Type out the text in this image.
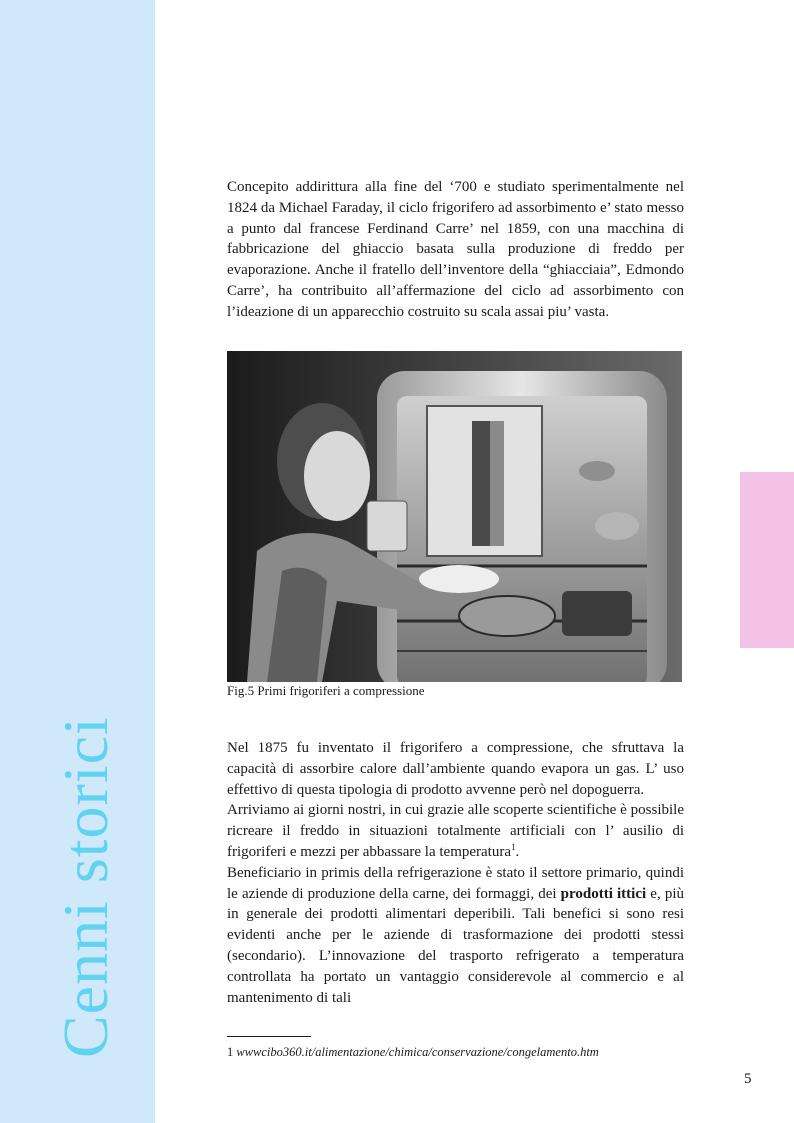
Cenni storici

Concepito addirittura alla fine del ‘700 e studiato sperimentalmente nel 1824 da Michael Faraday, il ciclo frigorifero ad assorbimento e’ stato messo a punto dal francese Ferdinand Carre’ nel 1859, con una macchina di fabbricazione del ghiaccio basata sulla produzione di freddo per evaporazione. Anche il fratello dell’inventore della “ghiacciaia”, Edmondo Carre’, ha contribuito all’affermazione del ciclo ad assorbimento con l’ideazione di un apparecchio costruito su scala assai piu’ vasta.

Fig.5 Primi frigoriferi a compressione

Nel 1875 fu inventato il frigorifero a compressione, che sfruttava la capacità di assorbire calore dall’ambiente quando evapora un gas. L’ uso effettivo di questa tipologia di prodotto avvenne però nel dopoguerra.

Arriviamo ai giorni nostri, in cui grazie alle scoperte scientifiche è possibile ricreare il freddo in situazioni totalmente artificiali con l’ ausilio di frigoriferi e mezzi per abbassare la temperatura$^1$.

Beneficiario in primis della refrigerazione è stato il settore primario, quindi le aziende di produzione della carne, dei formaggi, dei prodotti ittici e, più in generale dei prodotti alimentari deperibili. Tali benefici si sono resi evidenti anche per le aziende di trasformazione dei prodotti stessi (secondario). L’innovazione del trasporto refrigerato a temperatura controllata ha portato un vantaggio considerevole al commercio e al mantenimento di tali

1 wwwcibo360.it/alimentazione/chimica/conservazione/congelamento.htm
5
